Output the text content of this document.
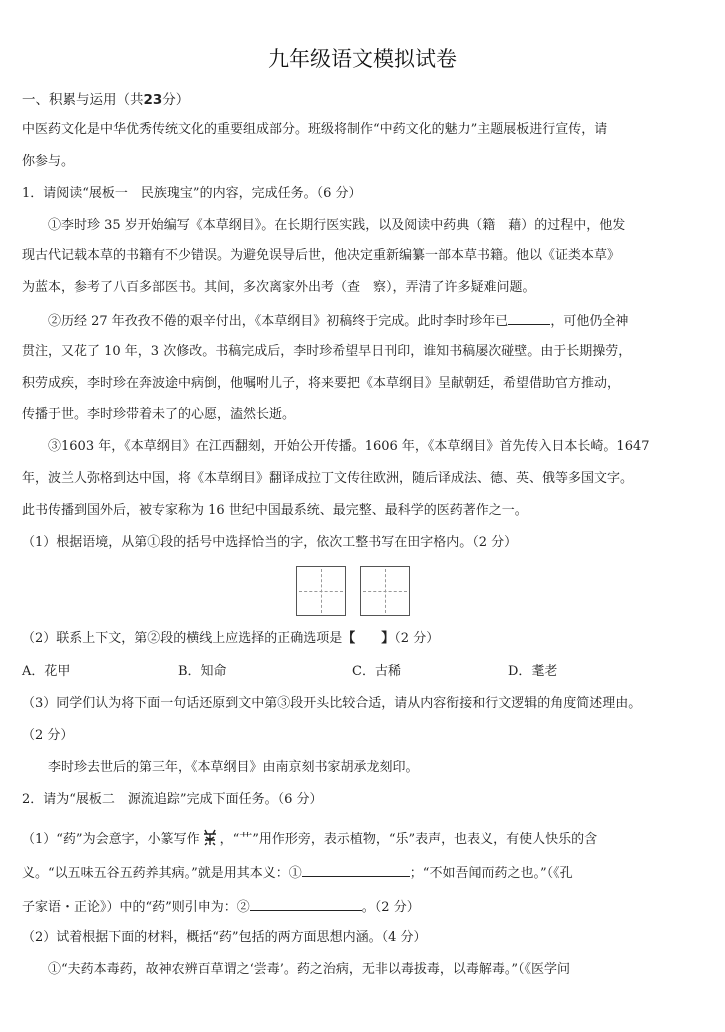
九年级语文模拟试卷
一、积累与运用（共23分）
中医药文化是中华优秀传统文化的重要组成部分。班级将制作“中药文化的魅力”主题展板进行宣传，请
你参与。
1．请阅读“展板一　民族瑰宝”的内容，完成任务。（6 分）
①李时珍 35 岁开始编写《本草纲目》。在长期行医实践，以及阅读中药典（籍　藉）的过程中，他发
现古代记载本草的书籍有不少错误。为避免误导后世，他决定重新编纂一部本草书籍。他以《证类本草》
为蓝本，参考了八百多部医书。其间，多次离家外出考（查　察），弄清了许多疑难问题。
②历经 27 年孜孜不倦的艰辛付出，《本草纲目》初稿终于完成。此时李时珍年已	，可他仍全神
贯注，又花了 10 年，3 次修改。书稿完成后，李时珍希望早日刊印，谁知书稿屡次碰壁。由于长期操劳，
积劳成疾，李时珍在奔波途中病倒，他嘱咐儿子，将来要把《本草纲目》呈献朝廷，希望借助官方推动，
传播于世。李时珍带着未了的心愿，溘然长逝。
③1603 年，《本草纲目》在江西翻刻，开始公开传播。1606 年，《本草纲目》首先传入日本长崎。1647
年，波兰人弥格到达中国，将《本草纲目》翻译成拉丁文传往欧洲，随后译成法、德、英、俄等多国文字。
此书传播到国外后，被专家称为 16 世纪中国最系统、最完整、最科学的医药著作之一。
（1）根据语境，从第①段的括号中选择恰当的字，依次工整书写在田字格内。（2 分）
（2）联系上下文，第②段的横线上应选择的正确选项是【　　】（2 分）
A．花甲	B．知命	C．古稀	D．耄老
（3）同学们认为将下面一句话还原到文中第③段开头比较合适，请从内容衔接和行文逻辑的角度简述理由。
（2 分）
李时珍去世后的第三年，《本草纲目》由南京刻书家胡承龙刻印。
2．请为“展板二　源流追踪”完成下面任务。（6 分）
（1）“药”为会意字，小篆写作 ，“艹”用作形旁，表示植物，“乐”表声，也表义，有使人快乐的含
义。“以五味五谷五药养其病。”就是用其本义：①	；“不如吾闻而药之也。”（《孔
子家语・正论》）中的“药”则引申为：②	。（2 分）
（2）试着根据下面的材料，概括“药”包括的两方面思想内涵。（4 分）
①“夫药本毒药，故神农辨百草谓之‘尝毒’。药之治病，无非以毒拔毒，以毒解毒。”（《医学问
